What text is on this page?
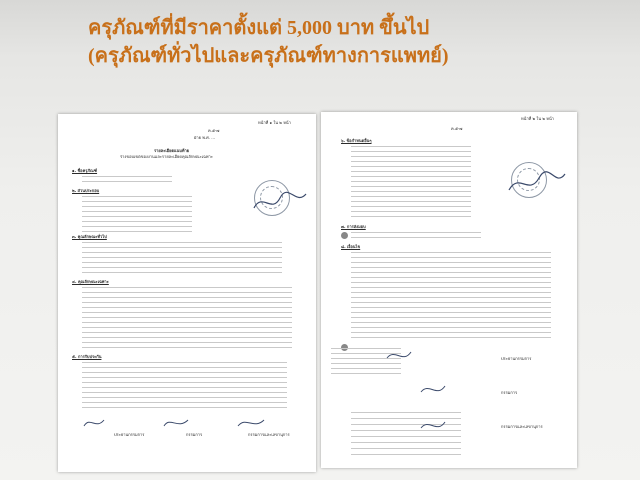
ครุภัณฑ์ที่มีราคาตั้งแต่ 5,000 บาท ขึ้นไป
(ครุภัณฑ์ทั่วไปและครุภัณฑ์ทางการแพทย์)
หน้าที่ ๑ ใน ๒ หน้า
ค.๕-๗
ฝ่าย พ.ศ. ...
รายละเอียดแนบท้าย
ร่างขอบเขตของงานและรายละเอียดคุณลักษณะเฉพาะ
๑. ชื่อครุภัณฑ์
๒. ส่วนประกอบ
๓. คุณลักษณะทั่วไป
๔. คุณลักษณะเฉพาะ
๕. การรับประกัน
ประธานกรรมการ	กรรมการ	กรรมการและเลขานุการ
หน้าที่ ๒ ใน ๒ หน้า
ค.๕-๗
๖. ข้อกำหนดอื่นๆ
๗. การส่งมอบ
๘. เงื่อนไข
ประธานกรรมการ
กรรมการ
กรรมการและเลขานุการ
